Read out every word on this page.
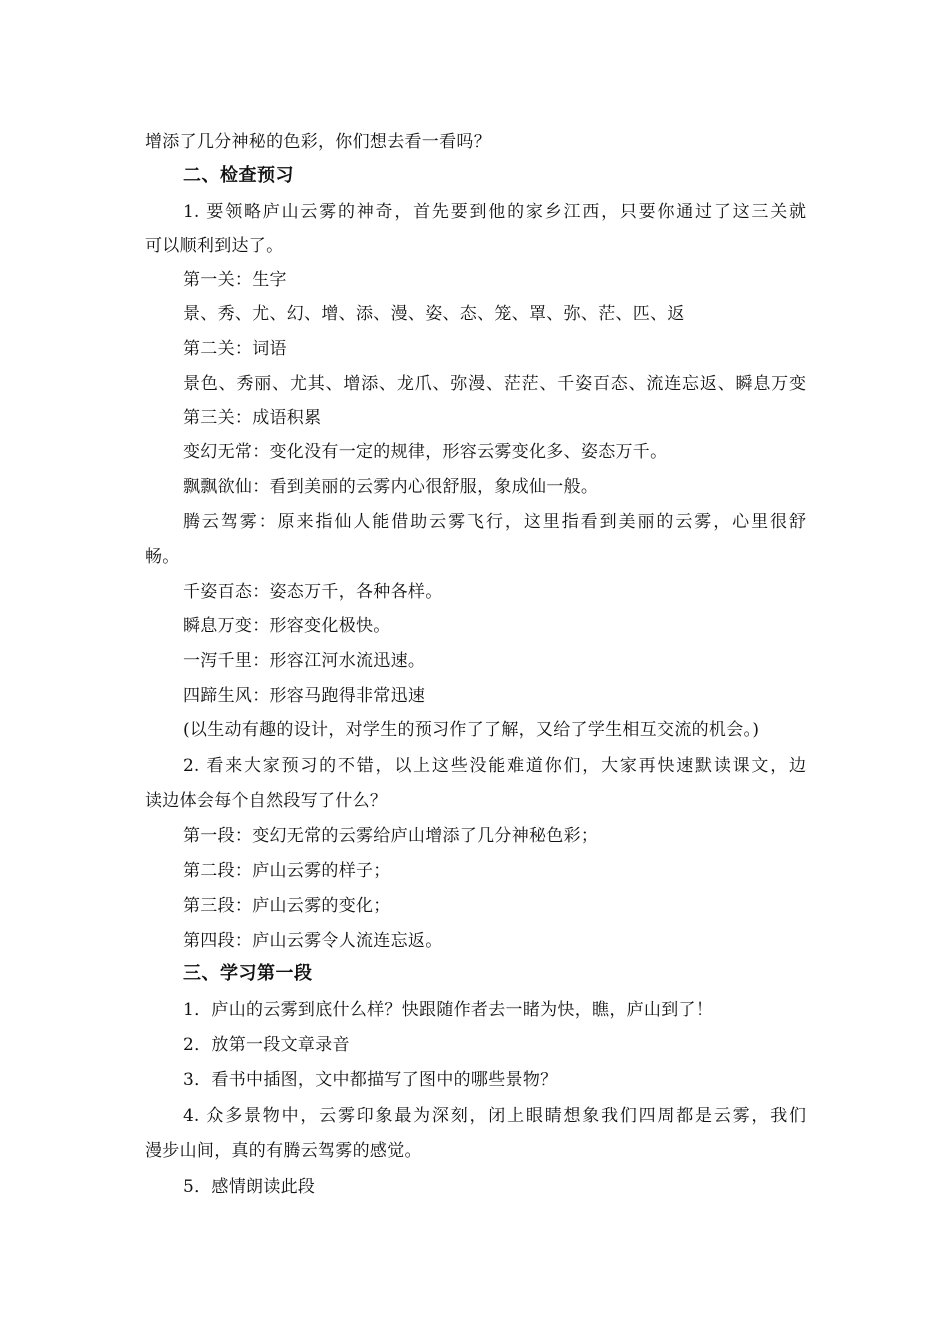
增添了几分神秘的色彩，你们想去看一看吗？
二、检查预习
1. 要领略庐山云雾的神奇，首先要到他的家乡江西，只要你通过了这三关就
可以顺利到达了。
第一关：生字
景、秀、尤、幻、增、添、漫、姿、态、笼、罩、弥、茫、匹、返
第二关：词语
景色、秀丽、尤其、增添、龙爪、弥漫、茫茫、千姿百态、流连忘返、瞬息万变
第三关：成语积累
变幻无常：变化没有一定的规律，形容云雾变化多、姿态万千。
飘飘欲仙：看到美丽的云雾内心很舒服，象成仙一般。
腾云驾雾：原来指仙人能借助云雾飞行，这里指看到美丽的云雾，心里很舒
畅。
千姿百态：姿态万千，各种各样。
瞬息万变：形容变化极快。
一泻千里：形容江河水流迅速。
四蹄生风：形容马跑得非常迅速
(以生动有趣的设计，对学生的预习作了了解，又给了学生相互交流的机会。)
2. 看来大家预习的不错，以上这些没能难道你们，大家再快速默读课文，边
读边体会每个自然段写了什么？
第一段：变幻无常的云雾给庐山增添了几分神秘色彩；
第二段：庐山云雾的样子；
第三段：庐山云雾的变化；
第四段：庐山云雾令人流连忘返。
三、学习第一段
1．庐山的云雾到底什么样？快跟随作者去一睹为快，瞧，庐山到了！
2．放第一段文章录音
3．看书中插图，文中都描写了图中的哪些景物？
4. 众多景物中，云雾印象最为深刻，闭上眼睛想象我们四周都是云雾，我们
漫步山间，真的有腾云驾雾的感觉。
5．感情朗读此段
